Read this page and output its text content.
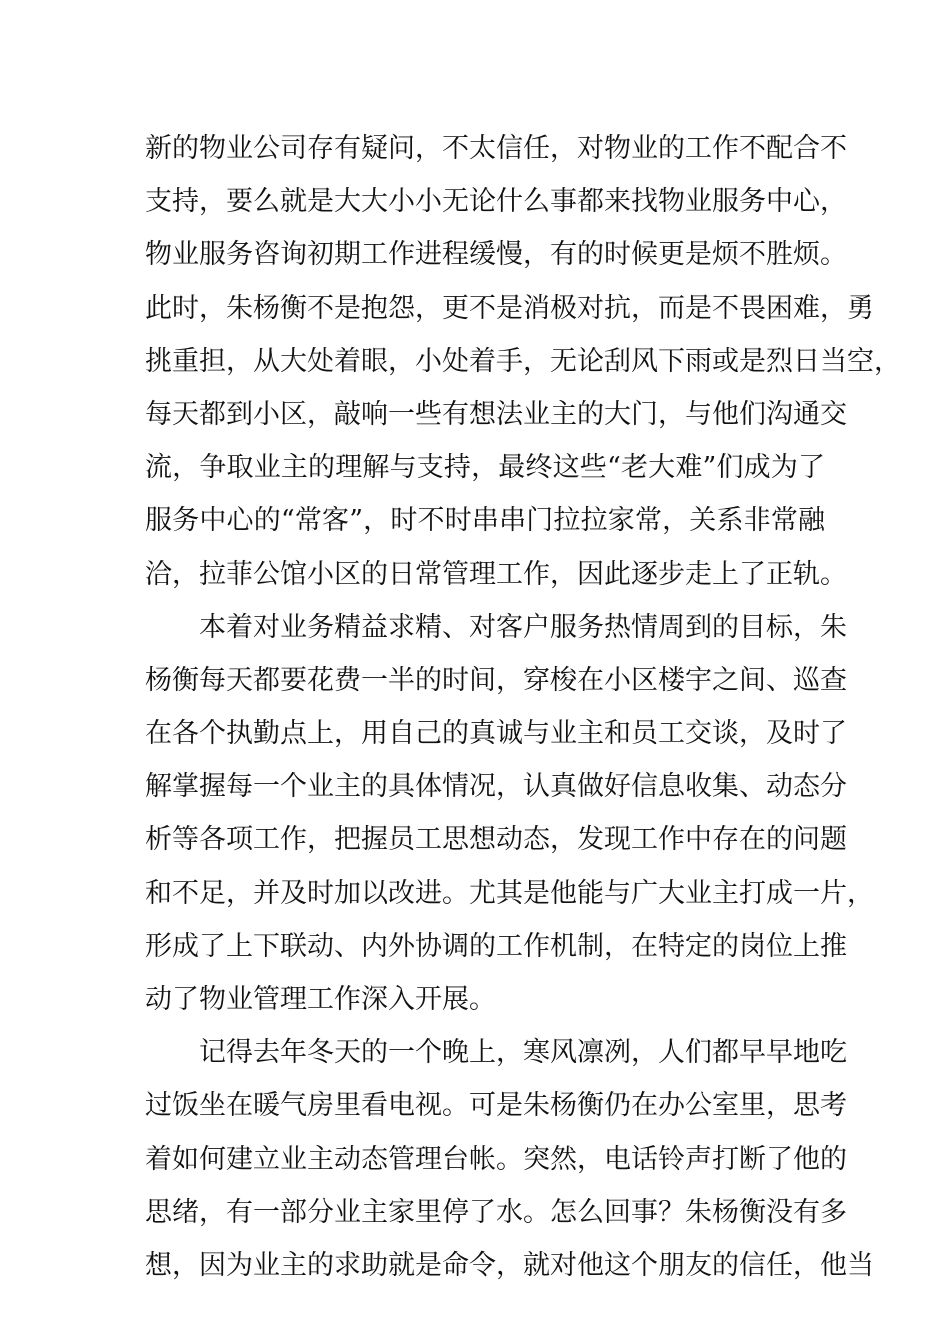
新的物业公司存有疑问，不太信任，对物业的工作不配合不
支持，要么就是大大小小无论什么事都来找物业服务中心，
物业服务咨询初期工作进程缓慢，有的时候更是烦不胜烦。
此时，朱杨衡不是抱怨，更不是消极对抗，而是不畏困难，勇
挑重担，从大处着眼，小处着手，无论刮风下雨或是烈日当空，
每天都到小区，敲响一些有想法业主的大门，与他们沟通交
流，争取业主的理解与支持，最终这些“老大难”们成为了
服务中心的“常客”，时不时串串门拉拉家常，关系非常融
洽，拉菲公馆小区的日常管理工作，因此逐步走上了正轨。
本着对业务精益求精、对客户服务热情周到的目标，朱
杨衡每天都要花费一半的时间，穿梭在小区楼宇之间、巡查
在各个执勤点上，用自己的真诚与业主和员工交谈，及时了
解掌握每一个业主的具体情况，认真做好信息收集、动态分
析等各项工作，把握员工思想动态，发现工作中存在的问题
和不足，并及时加以改进。尤其是他能与广大业主打成一片，
形成了上下联动、内外协调的工作机制，在特定的岗位上推
动了物业管理工作深入开展。
记得去年冬天的一个晚上，寒风凛冽，人们都早早地吃
过饭坐在暖气房里看电视。可是朱杨衡仍在办公室里，思考
着如何建立业主动态管理台帐。突然，电话铃声打断了他的
思绪，有一部分业主家里停了水。怎么回事？朱杨衡没有多
想，因为业主的求助就是命令，就对他这个朋友的信任，他当
